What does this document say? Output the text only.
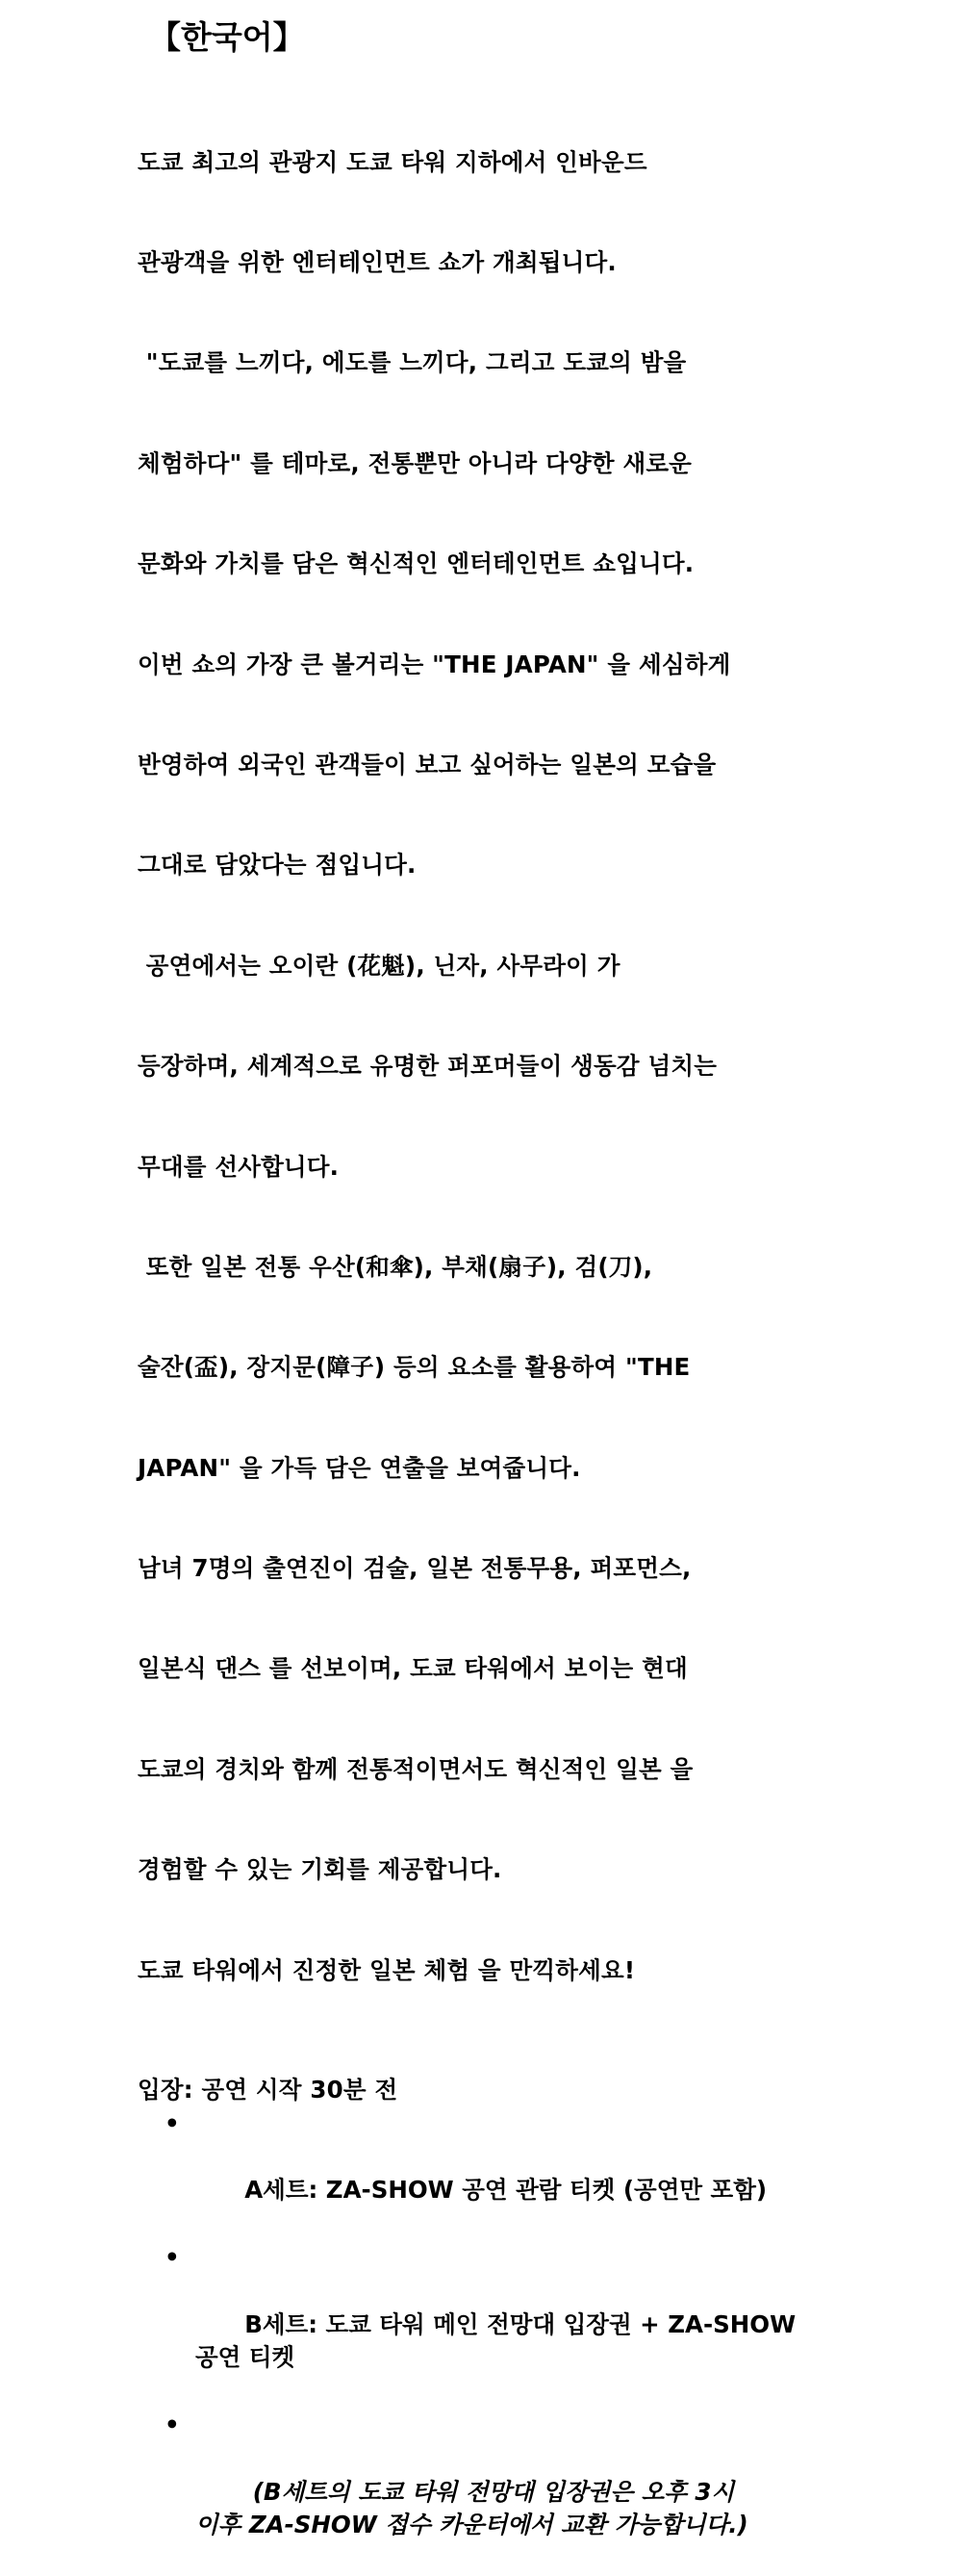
【한국어】

도쿄 최고의 관광지 도쿄 타워 지하에서 인바운드

관광객을 위한 엔터테인먼트 쇼가 개최됩니다.

"도쿄를 느끼다, 에도를 느끼다, 그리고 도쿄의 밤을

체험하다" 를 테마로, 전통뿐만 아니라 다양한 새로운

문화와 가치를 담은 혁신적인 엔터테인먼트 쇼입니다.

이번 쇼의 가장 큰 볼거리는 "THE JAPAN" 을 세심하게

반영하여 외국인 관객들이 보고 싶어하는 일본의 모습을

그대로 담았다는 점입니다.

공연에서는 오이란 (花魁), 닌자, 사무라이 가

등장하며, 세계적으로 유명한 퍼포머들이 생동감 넘치는

무대를 선사합니다.

또한 일본 전통 우산(和傘), 부채(扇子), 검(刀),

술잔(盃), 장지문(障子) 등의 요소를 활용하여 "THE

JAPAN" 을 가득 담은 연출을 보여줍니다.

남녀 7명의 출연진이 검술, 일본 전통무용, 퍼포먼스,

일본식 댄스 를 선보이며, 도쿄 타워에서 보이는 현대

도쿄의 경치와 함께 전통적이면서도 혁신적인 일본 을

경험할 수 있는 기회를 제공합니다.

도쿄 타워에서 진정한 일본 체험 을 만끽하세요!

입장: 공연 시작 30분 전

•

A세트: ZA-SHOW 공연 관람 티켓 (공연만 포함)

•

B세트: 도쿄 타워 메인 전망대 입장권 + ZA-SHOW
공연 티켓

•

(B세트의 도쿄 타워 전망대 입장권은 오후 3시
이후 ZA-SHOW 접수 카운터에서 교환 가능합니다.)
